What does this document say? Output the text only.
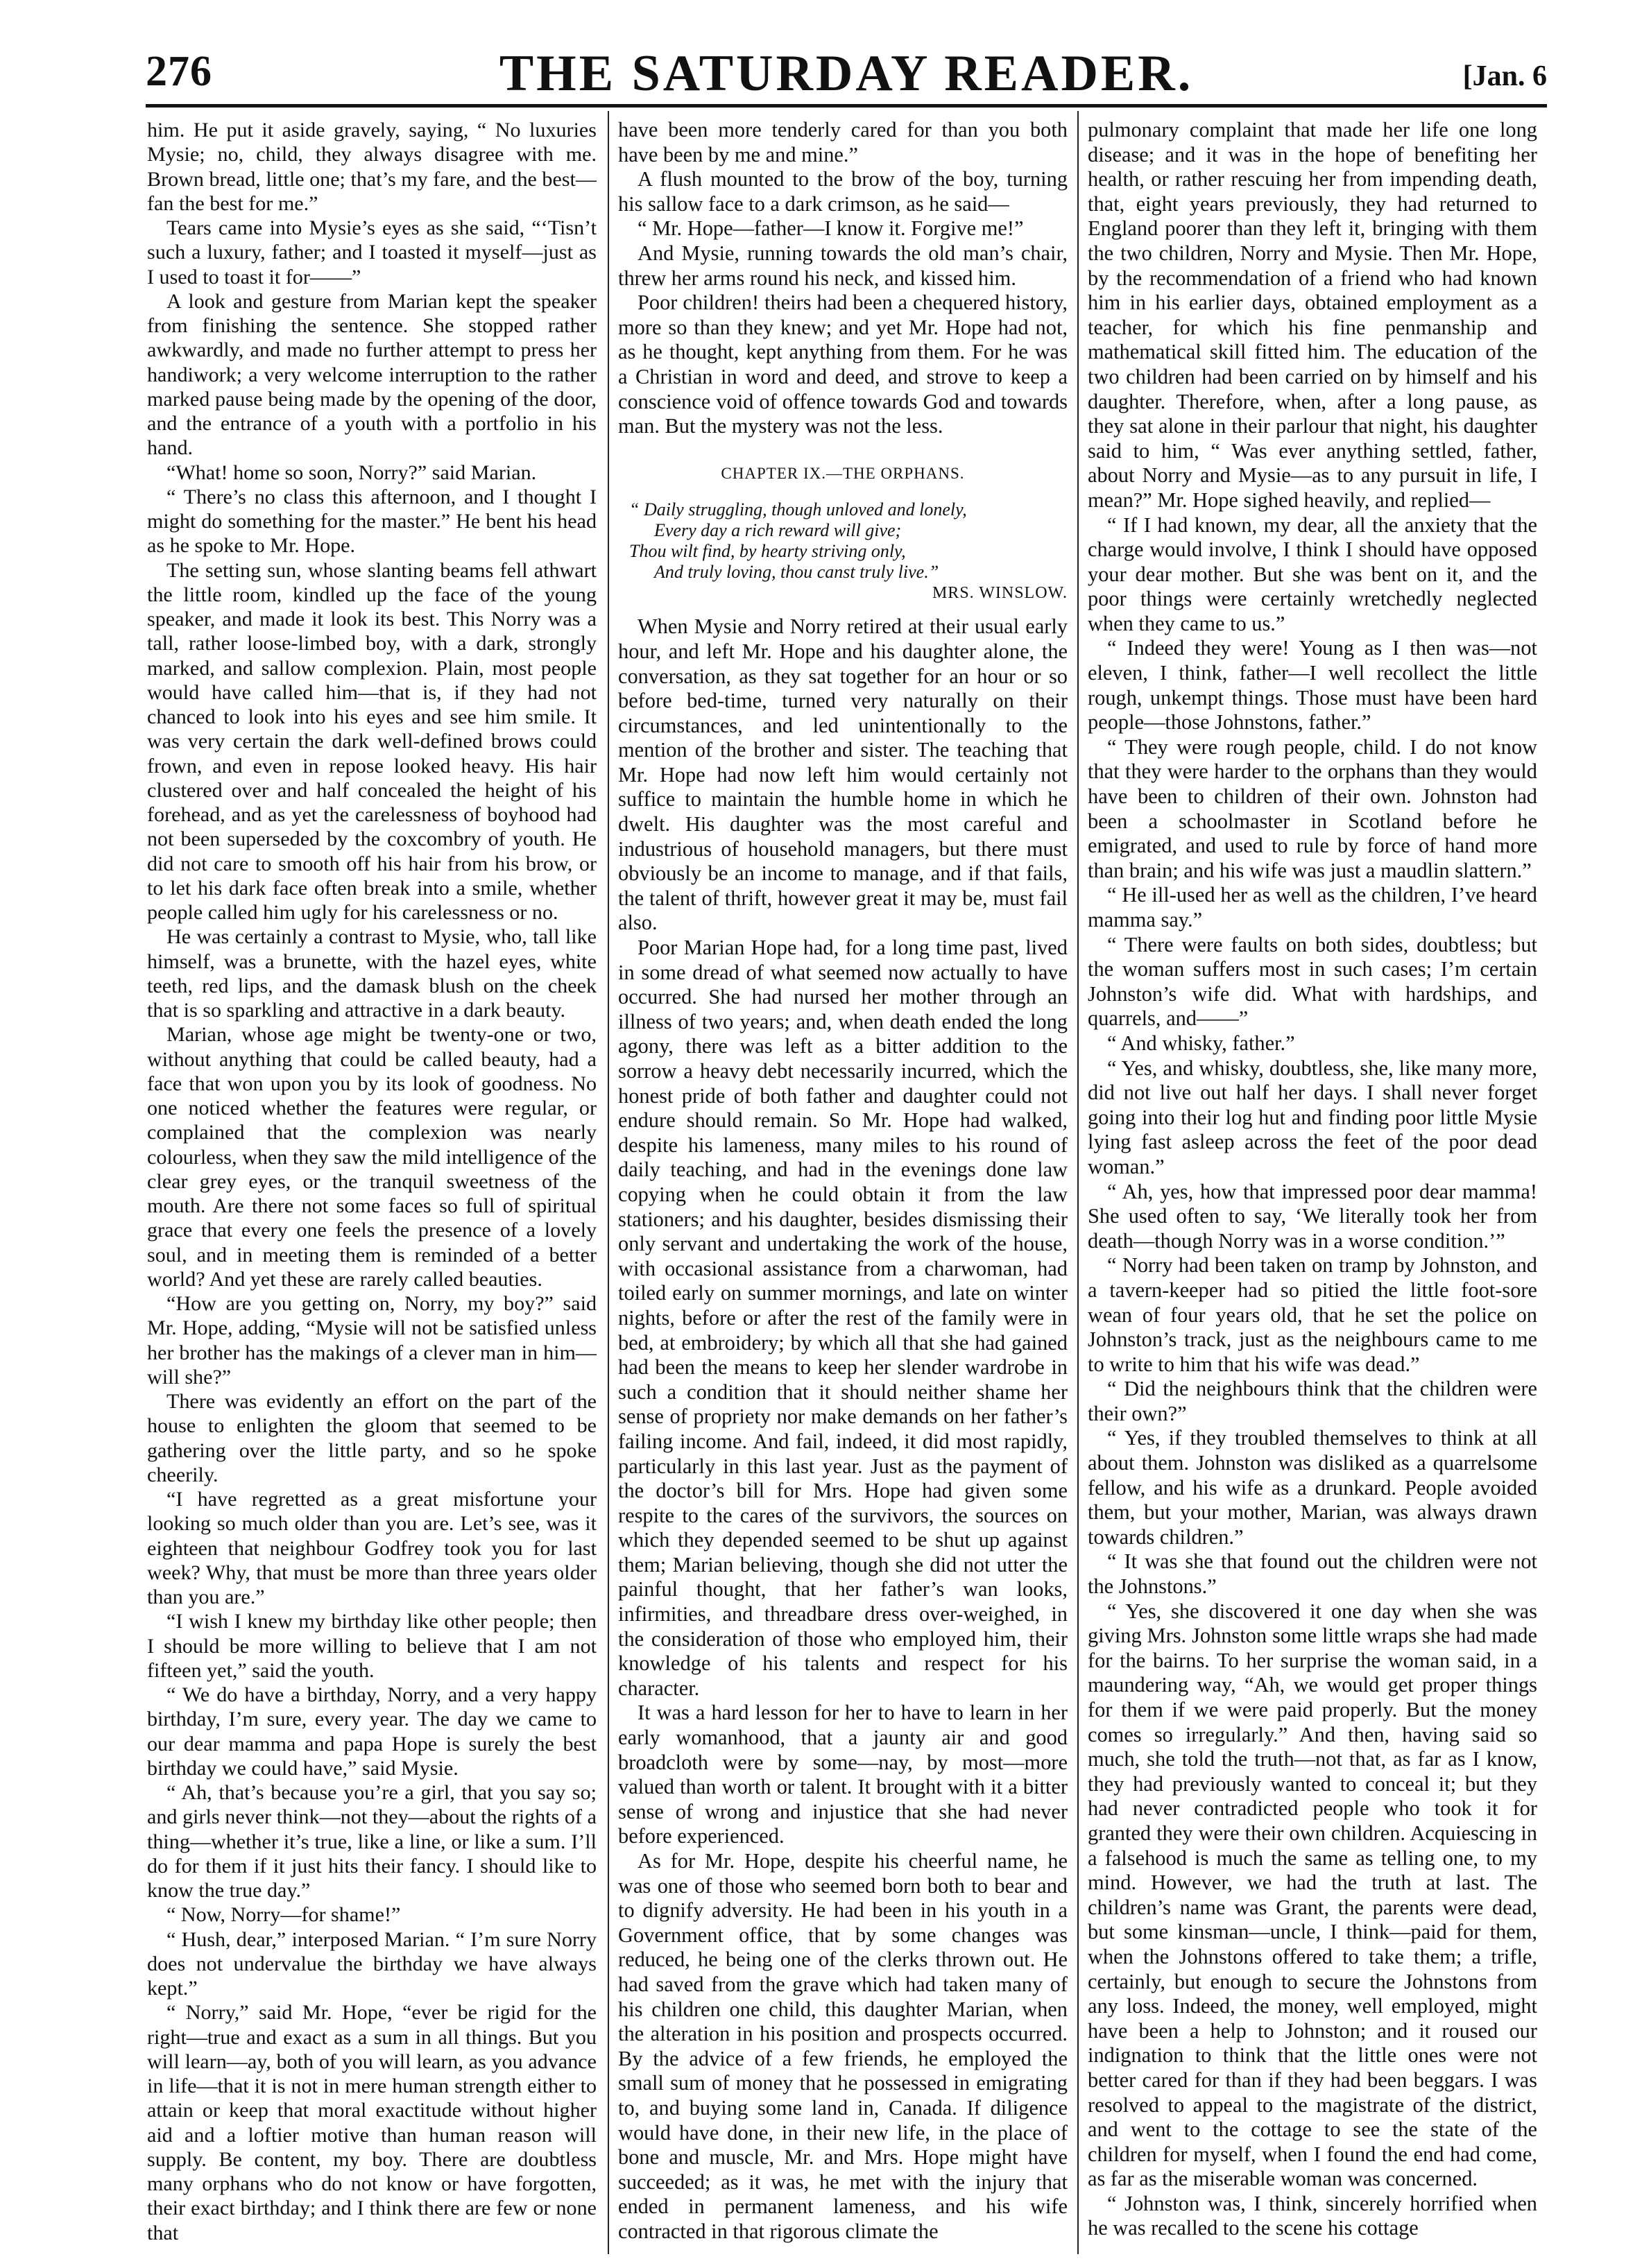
276	THE SATURDAY READER.	[Jan. 6

him. He put it aside gravely, saying, “ No luxuries Mysie; no, child, they always disagree with me. Brown bread, little one; that’s my fare, and the best—fan the best for me.”

Tears came into Mysie’s eyes as she said, “‘Tisn’t such a luxury, father; and I toasted it myself—just as I used to toast it for——”

A look and gesture from Marian kept the speaker from finishing the sentence. She stopped rather awkwardly, and made no further attempt to press her handiwork; a very welcome interruption to the rather marked pause being made by the opening of the door, and the entrance of a youth with a portfolio in his hand.

“What! home so soon, Norry?” said Marian.

“ There’s no class this afternoon, and I thought I might do something for the master.” He bent his head as he spoke to Mr. Hope.

The setting sun, whose slanting beams fell athwart the little room, kindled up the face of the young speaker, and made it look its best. This Norry was a tall, rather loose-limbed boy, with a dark, strongly marked, and sallow complexion. Plain, most people would have called him—that is, if they had not chanced to look into his eyes and see him smile. It was very certain the dark well-defined brows could frown, and even in repose looked heavy. His hair clustered over and half concealed the height of his forehead, and as yet the carelessness of boyhood had not been superseded by the coxcombry of youth. He did not care to smooth off his hair from his brow, or to let his dark face often break into a smile, whether people called him ugly for his carelessness or no.

He was certainly a contrast to Mysie, who, tall like himself, was a brunette, with the hazel eyes, white teeth, red lips, and the damask blush on the cheek that is so sparkling and attractive in a dark beauty.

Marian, whose age might be twenty-one or two, without anything that could be called beauty, had a face that won upon you by its look of goodness. No one noticed whether the features were regular, or complained that the complexion was nearly colourless, when they saw the mild intelligence of the clear grey eyes, or the tranquil sweetness of the mouth. Are there not some faces so full of spiritual grace that every one feels the presence of a lovely soul, and in meeting them is reminded of a better world? And yet these are rarely called beauties.

“How are you getting on, Norry, my boy?” said Mr. Hope, adding, “Mysie will not be satisfied unless her brother has the makings of a clever man in him—will she?”

There was evidently an effort on the part of the house to enlighten the gloom that seemed to be gathering over the little party, and so he spoke cheerily.

“I have regretted as a great misfortune your looking so much older than you are. Let’s see, was it eighteen that neighbour Godfrey took you for last week? Why, that must be more than three years older than you are.”

“I wish I knew my birthday like other people; then I should be more willing to believe that I am not fifteen yet,” said the youth.

“ We do have a birthday, Norry, and a very happy birthday, I’m sure, every year. The day we came to our dear mamma and papa Hope is surely the best birthday we could have,” said Mysie.

“ Ah, that’s because you’re a girl, that you say so; and girls never think—not they—about the rights of a thing—whether it’s true, like a line, or like a sum. I’ll do for them if it just hits their fancy. I should like to know the true day.”

“ Now, Norry—for shame!”

“ Hush, dear,” interposed Marian. “ I’m sure Norry does not undervalue the birthday we have always kept.”

“ Norry,” said Mr. Hope, “ever be rigid for the right—true and exact as a sum in all things. But you will learn—ay, both of you will learn, as you advance in life—that it is not in mere human strength either to attain or keep that moral exactitude without higher aid and a loftier motive than human reason will supply. Be content, my boy. There are doubtless many orphans who do not know or have forgotten, their exact birthday; and I think there are few or none that

have been more tenderly cared for than you both have been by me and mine.”

A flush mounted to the brow of the boy, turning his sallow face to a dark crimson, as he said—

“ Mr. Hope—father—I know it. Forgive me!”

And Mysie, running towards the old man’s chair, threw her arms round his neck, and kissed him.

Poor children! theirs had been a chequered history, more so than they knew; and yet Mr. Hope had not, as he thought, kept anything from them. For he was a Christian in word and deed, and strove to keep a conscience void of offence towards God and towards man. But the mystery was not the less.

CHAPTER IX.—THE ORPHANS.
“ Daily struggling, though unloved and lonely,
Every day a rich reward will give;
Thou wilt find, by hearty striving only,
And truly loving, thou canst truly live.”
MRS. WINSLOW.

When Mysie and Norry retired at their usual early hour, and left Mr. Hope and his daughter alone, the conversation, as they sat together for an hour or so before bed-time, turned very naturally on their circumstances, and led unintentionally to the mention of the brother and sister. The teaching that Mr. Hope had now left him would certainly not suffice to maintain the humble home in which he dwelt. His daughter was the most careful and industrious of household managers, but there must obviously be an income to manage, and if that fails, the talent of thrift, however great it may be, must fail also.

Poor Marian Hope had, for a long time past, lived in some dread of what seemed now actually to have occurred. She had nursed her mother through an illness of two years; and, when death ended the long agony, there was left as a bitter addition to the sorrow a heavy debt necessarily incurred, which the honest pride of both father and daughter could not endure should remain. So Mr. Hope had walked, despite his lameness, many miles to his round of daily teaching, and had in the evenings done law copying when he could obtain it from the law stationers; and his daughter, besides dismissing their only servant and undertaking the work of the house, with occasional assistance from a charwoman, had toiled early on summer mornings, and late on winter nights, before or after the rest of the family were in bed, at embroidery; by which all that she had gained had been the means to keep her slender wardrobe in such a condition that it should neither shame her sense of propriety nor make demands on her father’s failing income. And fail, indeed, it did most rapidly, particularly in this last year. Just as the payment of the doctor’s bill for Mrs. Hope had given some respite to the cares of the survivors, the sources on which they depended seemed to be shut up against them; Marian believing, though she did not utter the painful thought, that her father’s wan looks, infirmities, and threadbare dress over-weighed, in the consideration of those who employed him, their knowledge of his talents and respect for his character.

It was a hard lesson for her to have to learn in her early womanhood, that a jaunty air and good broadcloth were by some—nay, by most—more valued than worth or talent. It brought with it a bitter sense of wrong and injustice that she had never before experienced.

As for Mr. Hope, despite his cheerful name, he was one of those who seemed born both to bear and to dignify adversity. He had been in his youth in a Government office, that by some changes was reduced, he being one of the clerks thrown out. He had saved from the grave which had taken many of his children one child, this daughter Marian, when the alteration in his position and prospects occurred. By the advice of a few friends, he employed the small sum of money that he possessed in emigrating to, and buying some land in, Canada. If diligence would have done, in their new life, in the place of bone and muscle, Mr. and Mrs. Hope might have succeeded; as it was, he met with the injury that ended in permanent lameness, and his wife contracted in that rigorous climate the

pulmonary complaint that made her life one long disease; and it was in the hope of benefiting her health, or rather rescuing her from impending death, that, eight years previously, they had returned to England poorer than they left it, bringing with them the two children, Norry and Mysie. Then Mr. Hope, by the recommendation of a friend who had known him in his earlier days, obtained employment as a teacher, for which his fine penmanship and mathematical skill fitted him. The education of the two children had been carried on by himself and his daughter. Therefore, when, after a long pause, as they sat alone in their parlour that night, his daughter said to him, “ Was ever anything settled, father, about Norry and Mysie—as to any pursuit in life, I mean?” Mr. Hope sighed heavily, and replied—

“ If I had known, my dear, all the anxiety that the charge would involve, I think I should have opposed your dear mother. But she was bent on it, and the poor things were certainly wretchedly neglected when they came to us.”

“ Indeed they were! Young as I then was—not eleven, I think, father—I well recollect the little rough, unkempt things. Those must have been hard people—those Johnstons, father.”

“ They were rough people, child. I do not know that they were harder to the orphans than they would have been to children of their own. Johnston had been a schoolmaster in Scotland before he emigrated, and used to rule by force of hand more than brain; and his wife was just a maudlin slattern.”

“ He ill-used her as well as the children, I’ve heard mamma say.”

“ There were faults on both sides, doubtless; but the woman suffers most in such cases; I’m certain Johnston’s wife did. What with hardships, and quarrels, and——”

“ And whisky, father.”

“ Yes, and whisky, doubtless, she, like many more, did not live out half her days. I shall never forget going into their log hut and finding poor little Mysie lying fast asleep across the feet of the poor dead woman.”

“ Ah, yes, how that impressed poor dear mamma! She used often to say, ‘We literally took her from death—though Norry was in a worse condition.’”

“ Norry had been taken on tramp by Johnston, and a tavern-keeper had so pitied the little foot-sore wean of four years old, that he set the police on Johnston’s track, just as the neighbours came to me to write to him that his wife was dead.”

“ Did the neighbours think that the children were their own?”

“ Yes, if they troubled themselves to think at all about them. Johnston was disliked as a quarrelsome fellow, and his wife as a drunkard. People avoided them, but your mother, Marian, was always drawn towards children.”

“ It was she that found out the children were not the Johnstons.”

“ Yes, she discovered it one day when she was giving Mrs. Johnston some little wraps she had made for the bairns. To her surprise the woman said, in a maundering way, “Ah, we would get proper things for them if we were paid properly. But the money comes so irregularly.” And then, having said so much, she told the truth—not that, as far as I know, they had previously wanted to conceal it; but they had never contradicted people who took it for granted they were their own children. Acquiescing in a falsehood is much the same as telling one, to my mind. However, we had the truth at last. The children’s name was Grant, the parents were dead, but some kinsman—uncle, I think—paid for them, when the Johnstons offered to take them; a trifle, certainly, but enough to secure the Johnstons from any loss. Indeed, the money, well employed, might have been a help to Johnston; and it roused our indignation to think that the little ones were not better cared for than if they had been beggars. I was resolved to appeal to the magistrate of the district, and went to the cottage to see the state of the children for myself, when I found the end had come, as far as the miserable woman was concerned.

“ Johnston was, I think, sincerely horrified when he was recalled to the scene his cottage
